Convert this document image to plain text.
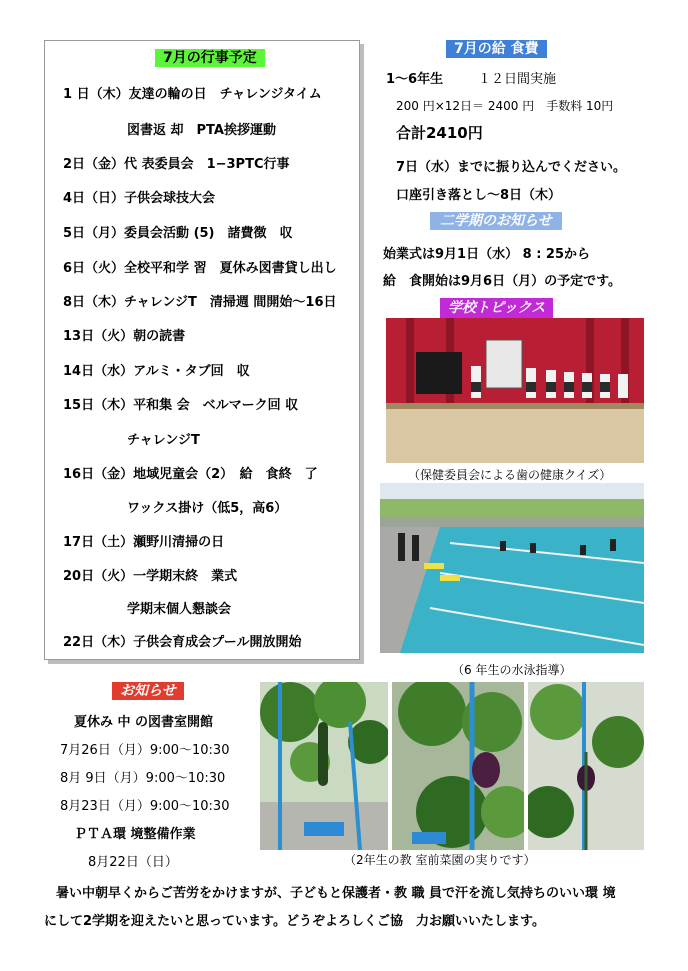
7月の行事予定
1 日（木）友達の輪の日　チャレンジタイム
図書返 却　PTA挨拶運動
2日（金）代 表委員会　1−3PTC行事
4日（日）子供会球技大会
5日（月）委員会活動 (5)　諸費徴　収
6日（火）全校平和学 習　夏休み図書貸し出し
8日（木）チャレンジT　清掃週 間開始〜16日
13日（火）朝の読書
14日（水）アルミ・タブ回　収
15日（木）平和集 会　ベルマーク回 収
チャレンジT
16日（金）地域児童会（2）　給　食終　了
ワックス掛け（低5，高6）
17日（土）瀬野川清掃の日
20日（火）一学期末終　業式
学期末個人懇談会
22日（木）子供会育成会プール開放開始
7月の給 食費
1〜6年生	１２日間実施
200 円×12日＝ 2400 円　手数料 10円
合計2410円
7日（水）までに振り込んでください。
口座引き落とし〜8日（木）
二学期のお知らせ
始業式は9月1日（水） 8 : 25から
給　食開始は9月6日（月）の予定です。
学校トピックス
（保健委員会による歯の健康クイズ）
（6 年生の水泳指導）
お知らせ
夏休み 中 の図書室開館
7月26日（月）9:00〜10:30
8月 9日（月）9:00〜10:30
8月23日（月）9:00〜10:30
ＰＴＡ環 境整備作業
8月22日（日）	（2年生の教 室前菜園の実りです）
暑い中朝早くからご苦労をかけますが、子どもと保護者・教 職 員で汗を流し気持ちのいい環 境
にして2学期を迎えたいと思っています。どうぞよろしくご協　力お願いいたします。
